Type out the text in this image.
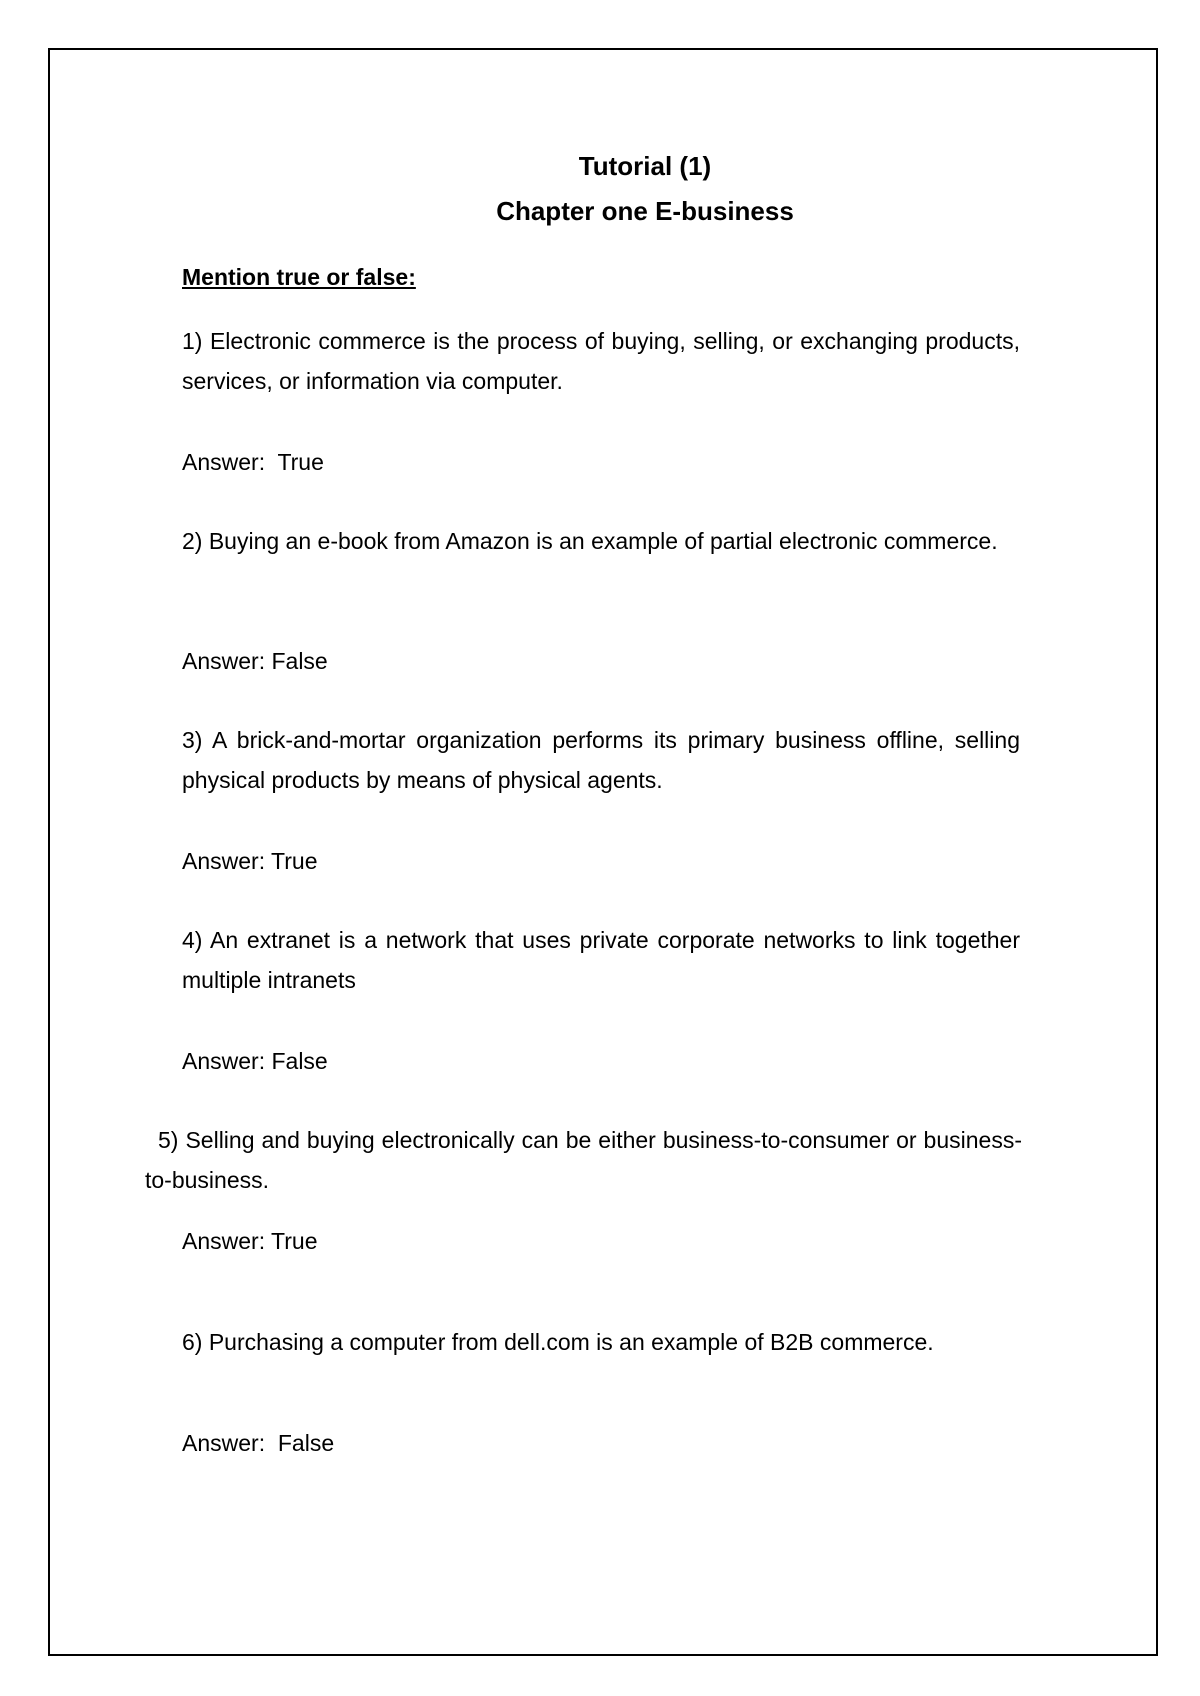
Tutorial (1)
Chapter one E-business
Mention true or false:
1) Electronic commerce is the process of buying, selling, or exchanging products, services, or information via computer.
Answer:  True
2) Buying an e-book from Amazon is an example of partial electronic commerce.
Answer: False
3) A brick-and-mortar organization performs its primary business offline, selling physical products by means of physical agents.
Answer: True
4) An extranet is a network that uses private corporate networks to link together multiple intranets
Answer: False
5) Selling and buying electronically can be either business-to-consumer or business-to-business.
Answer: True
6) Purchasing a computer from dell.com is an example of B2B commerce.
Answer:  False
